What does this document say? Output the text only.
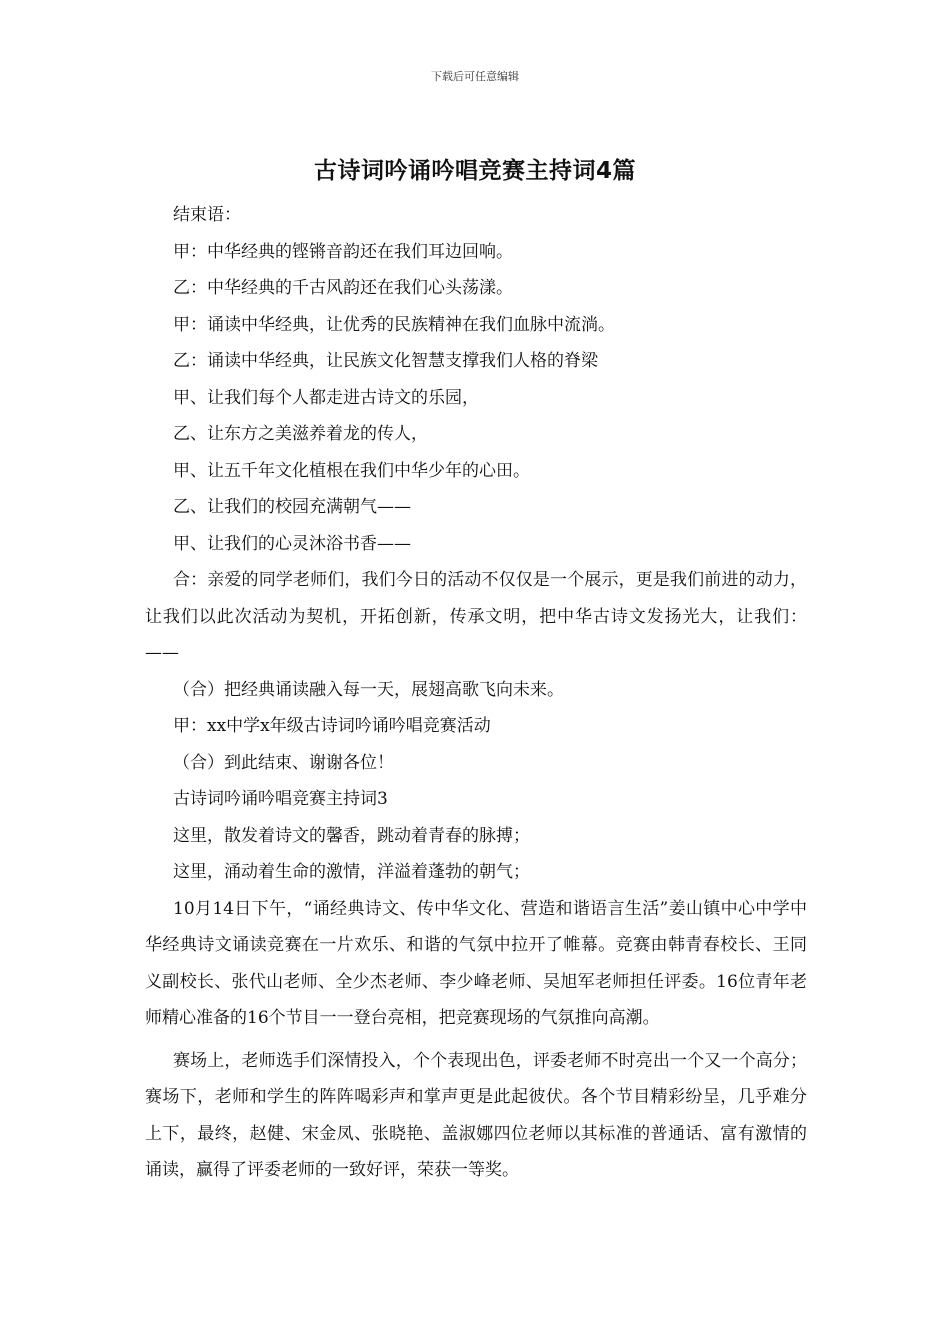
下载后可任意编辑
古诗词吟诵吟唱竞赛主持词4篇

结束语：

甲：中华经典的铿锵音韵还在我们耳边回响。

乙：中华经典的千古风韵还在我们心头荡漾。

甲：诵读中华经典，让优秀的民族精神在我们血脉中流淌。

乙：诵读中华经典，让民族文化智慧支撑我们人格的脊梁

甲、让我们每个人都走进古诗文的乐园，

乙、让东方之美滋养着龙的传人，

甲、让五千年文化植根在我们中华少年的心田。

乙、让我们的校园充满朝气——

甲、让我们的心灵沐浴书香——

合：亲爱的同学老师们，我们今日的活动不仅仅是一个展示，更是我们前进的动力，让我们以此次活动为契机，开拓创新，传承文明，把中华古诗文发扬光大，让我们：——

（合）把经典诵读融入每一天，展翅高歌飞向未来。

甲：xx中学x年级古诗词吟诵吟唱竞赛活动

（合）到此结束、谢谢各位！

古诗词吟诵吟唱竞赛主持词3

这里，散发着诗文的馨香，跳动着青春的脉搏；

这里，涌动着生命的激情，洋溢着蓬勃的朝气；

10月14日下午，“诵经典诗文、传中华文化、营造和谐语言生活”姜山镇中心中学中华经典诗文诵读竞赛在一片欢乐、和谐的气氛中拉开了帷幕。竞赛由韩青春校长、王同义副校长、张代山老师、全少杰老师、李少峰老师、吴旭军老师担任评委。16位青年老师精心准备的16个节目一一登台亮相，把竞赛现场的气氛推向高潮。

赛场上，老师选手们深情投入，个个表现出色，评委老师不时亮出一个又一个高分；赛场下，老师和学生的阵阵喝彩声和掌声更是此起彼伏。各个节目精彩纷呈，几乎难分上下，最终，赵健、宋金凤、张晓艳、盖淑娜四位老师以其标准的普通话、富有激情的诵读，赢得了评委老师的一致好评，荣获一等奖。
